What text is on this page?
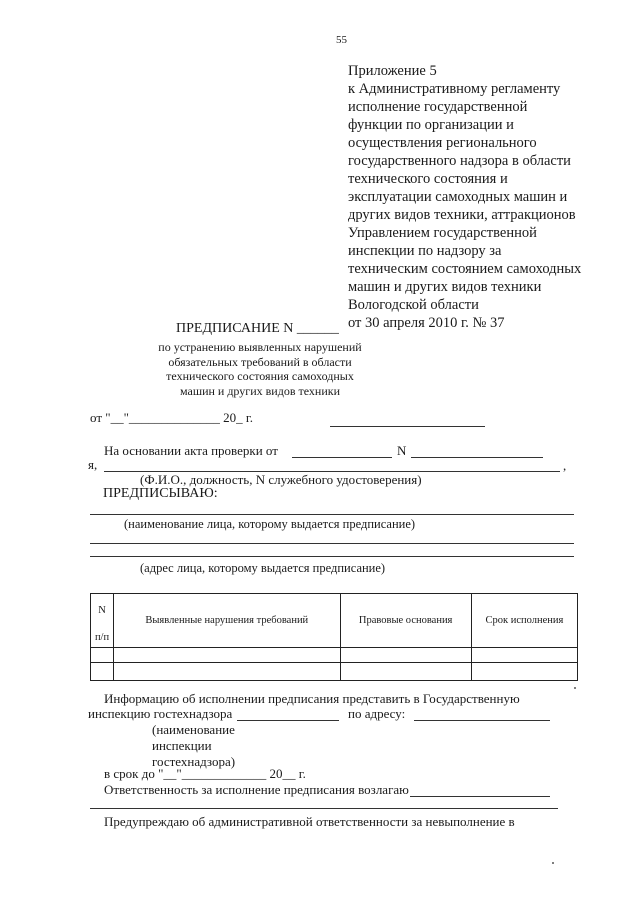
55
Приложение 5
к Административному регламенту
исполнение государственной
функции по организации и
осуществления регионального
государственного надзора в области
технического состояния и
эксплуатации самоходных машин и
других видов техники, аттракционов
Управлением государственной
инспекции по надзору за
техническим состоянием самоходных
машин и других видов техники
Вологодской области
от 30 апреля 2010 г. № 37
ПРЕДПИСАНИЕ N ______
по устранению выявленных нарушений
обязательных требований в области
технического состояния самоходных
машин и других видов техники
от "__"______________ 20_ г.
На основании акта проверки от	N
я,	,
(Ф.И.О., должность, N служебного удостоверения)
ПРЕДПИСЫВАЮ:
(наименование лица, которому выдается предписание)
(адрес лица, которому выдается предписание)
N	Выявленные нарушения требований	Правовые основания	Срок исполнения
п/п			

Информацию об исполнении предписания представить в Государственную
инспекцию гостехнадзора	по адресу:
(наименование
инспекции
гостехнадзора)
в срок до "__"_____________ 20__ г.
Ответственность за исполнение предписания возлагаю
Предупреждаю об административной ответственности за невыполнение в
